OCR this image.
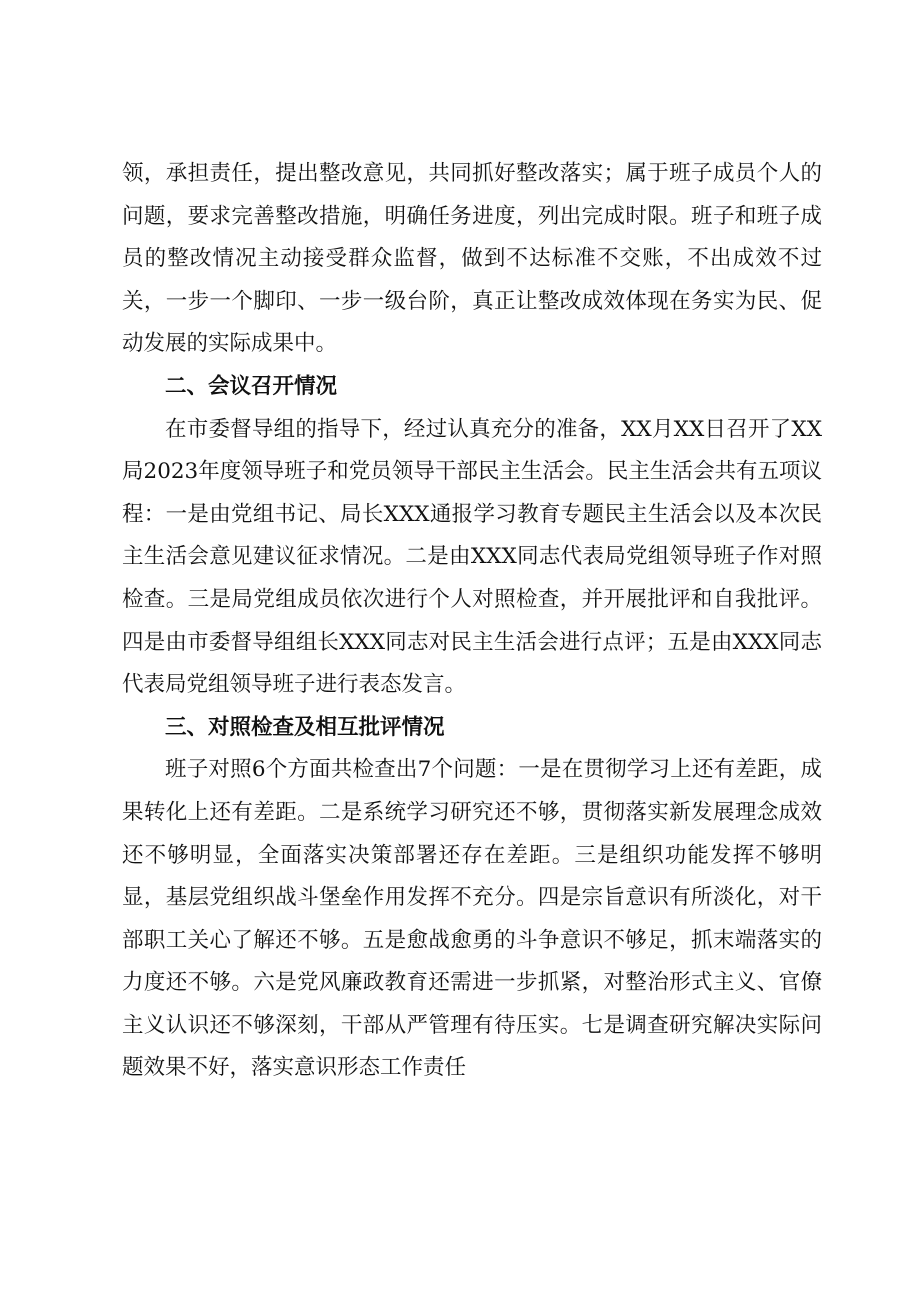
领，承担责任，提出整改意见，共同抓好整改落实；属于班子成员个人的问题，要求完善整改措施，明确任务进度，列出完成时限。班子和班子成员的整改情况主动接受群众监督，做到不达标准不交账，不出成效不过关，一步一个脚印、一步一级台阶，真正让整改成效体现在务实为民、促动发展的实际成果中。

二、会议召开情况

在市委督导组的指导下，经过认真充分的准备，XX月XX日召开了XX局2023年度领导班子和党员领导干部民主生活会。民主生活会共有五项议程：一是由党组书记、局长XXX通报学习教育专题民主生活会以及本次民主生活会意见建议征求情况。二是由XXX同志代表局党组领导班子作对照检查。三是局党组成员依次进行个人对照检查，并开展批评和自我批评。四是由市委督导组组长XXX同志对民主生活会进行点评；五是由XXX同志代表局党组领导班子进行表态发言。

三、对照检查及相互批评情况

班子对照6个方面共检查出7个问题：一是在贯彻学习上还有差距，成果转化上还有差距。二是系统学习研究还不够，贯彻落实新发展理念成效还不够明显，全面落实决策部署还存在差距。三是组织功能发挥不够明显，基层党组织战斗堡垒作用发挥不充分。四是宗旨意识有所淡化，对干部职工关心了解还不够。五是愈战愈勇的斗争意识不够足，抓末端落实的力度还不够。六是党风廉政教育还需进一步抓紧，对整治形式主义、官僚主义认识还不够深刻，干部从严管理有待压实。七是调查研究解决实际问题效果不好，落实意识形态工作责任
